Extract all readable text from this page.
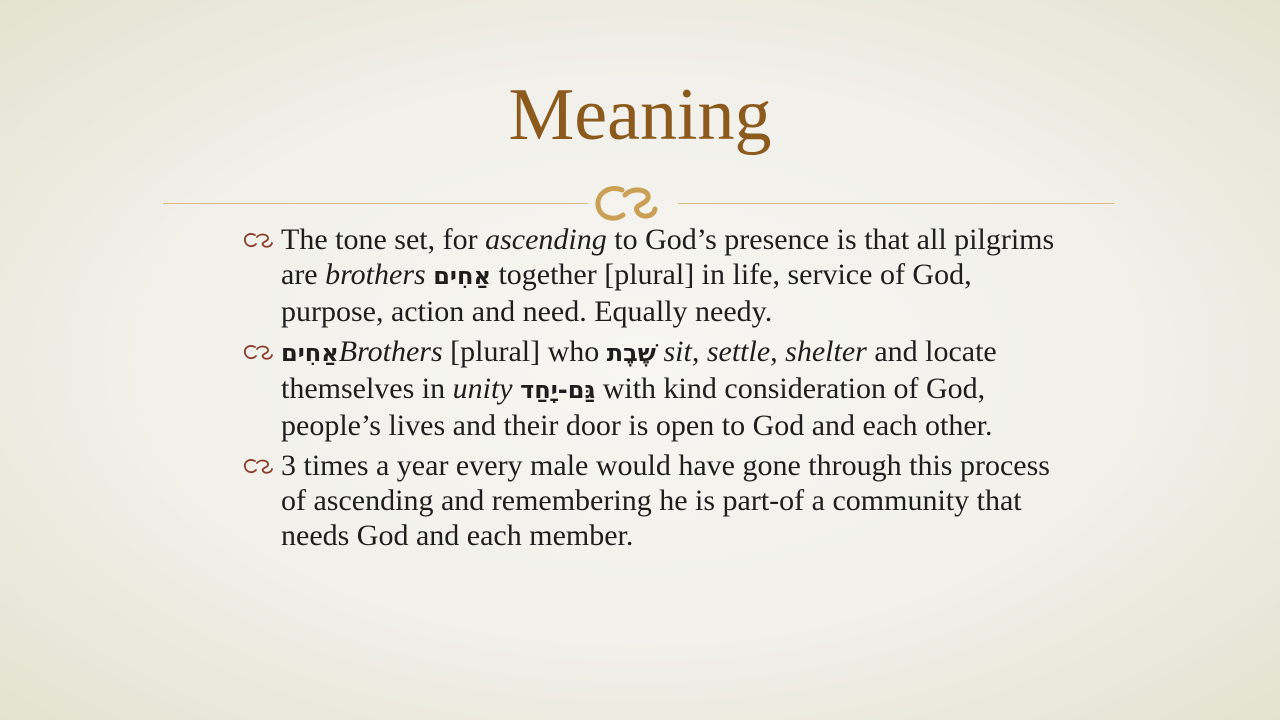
Meaning
The tone set, for ascending to God’s presence is that all pilgrims are brothers אַחִים together [plural] in life, service of God, purpose, action and need. Equally needy.
אַחִיםBrothers [plural] who שֶׁבֶת sit, settle, shelter and locate themselves in unity גַּם-יָחַד with kind consideration of God, people’s lives and their door is open to God and each other.
3 times a year every male would have gone through this process of ascending and remembering he is part-of a community that needs God and each member.
